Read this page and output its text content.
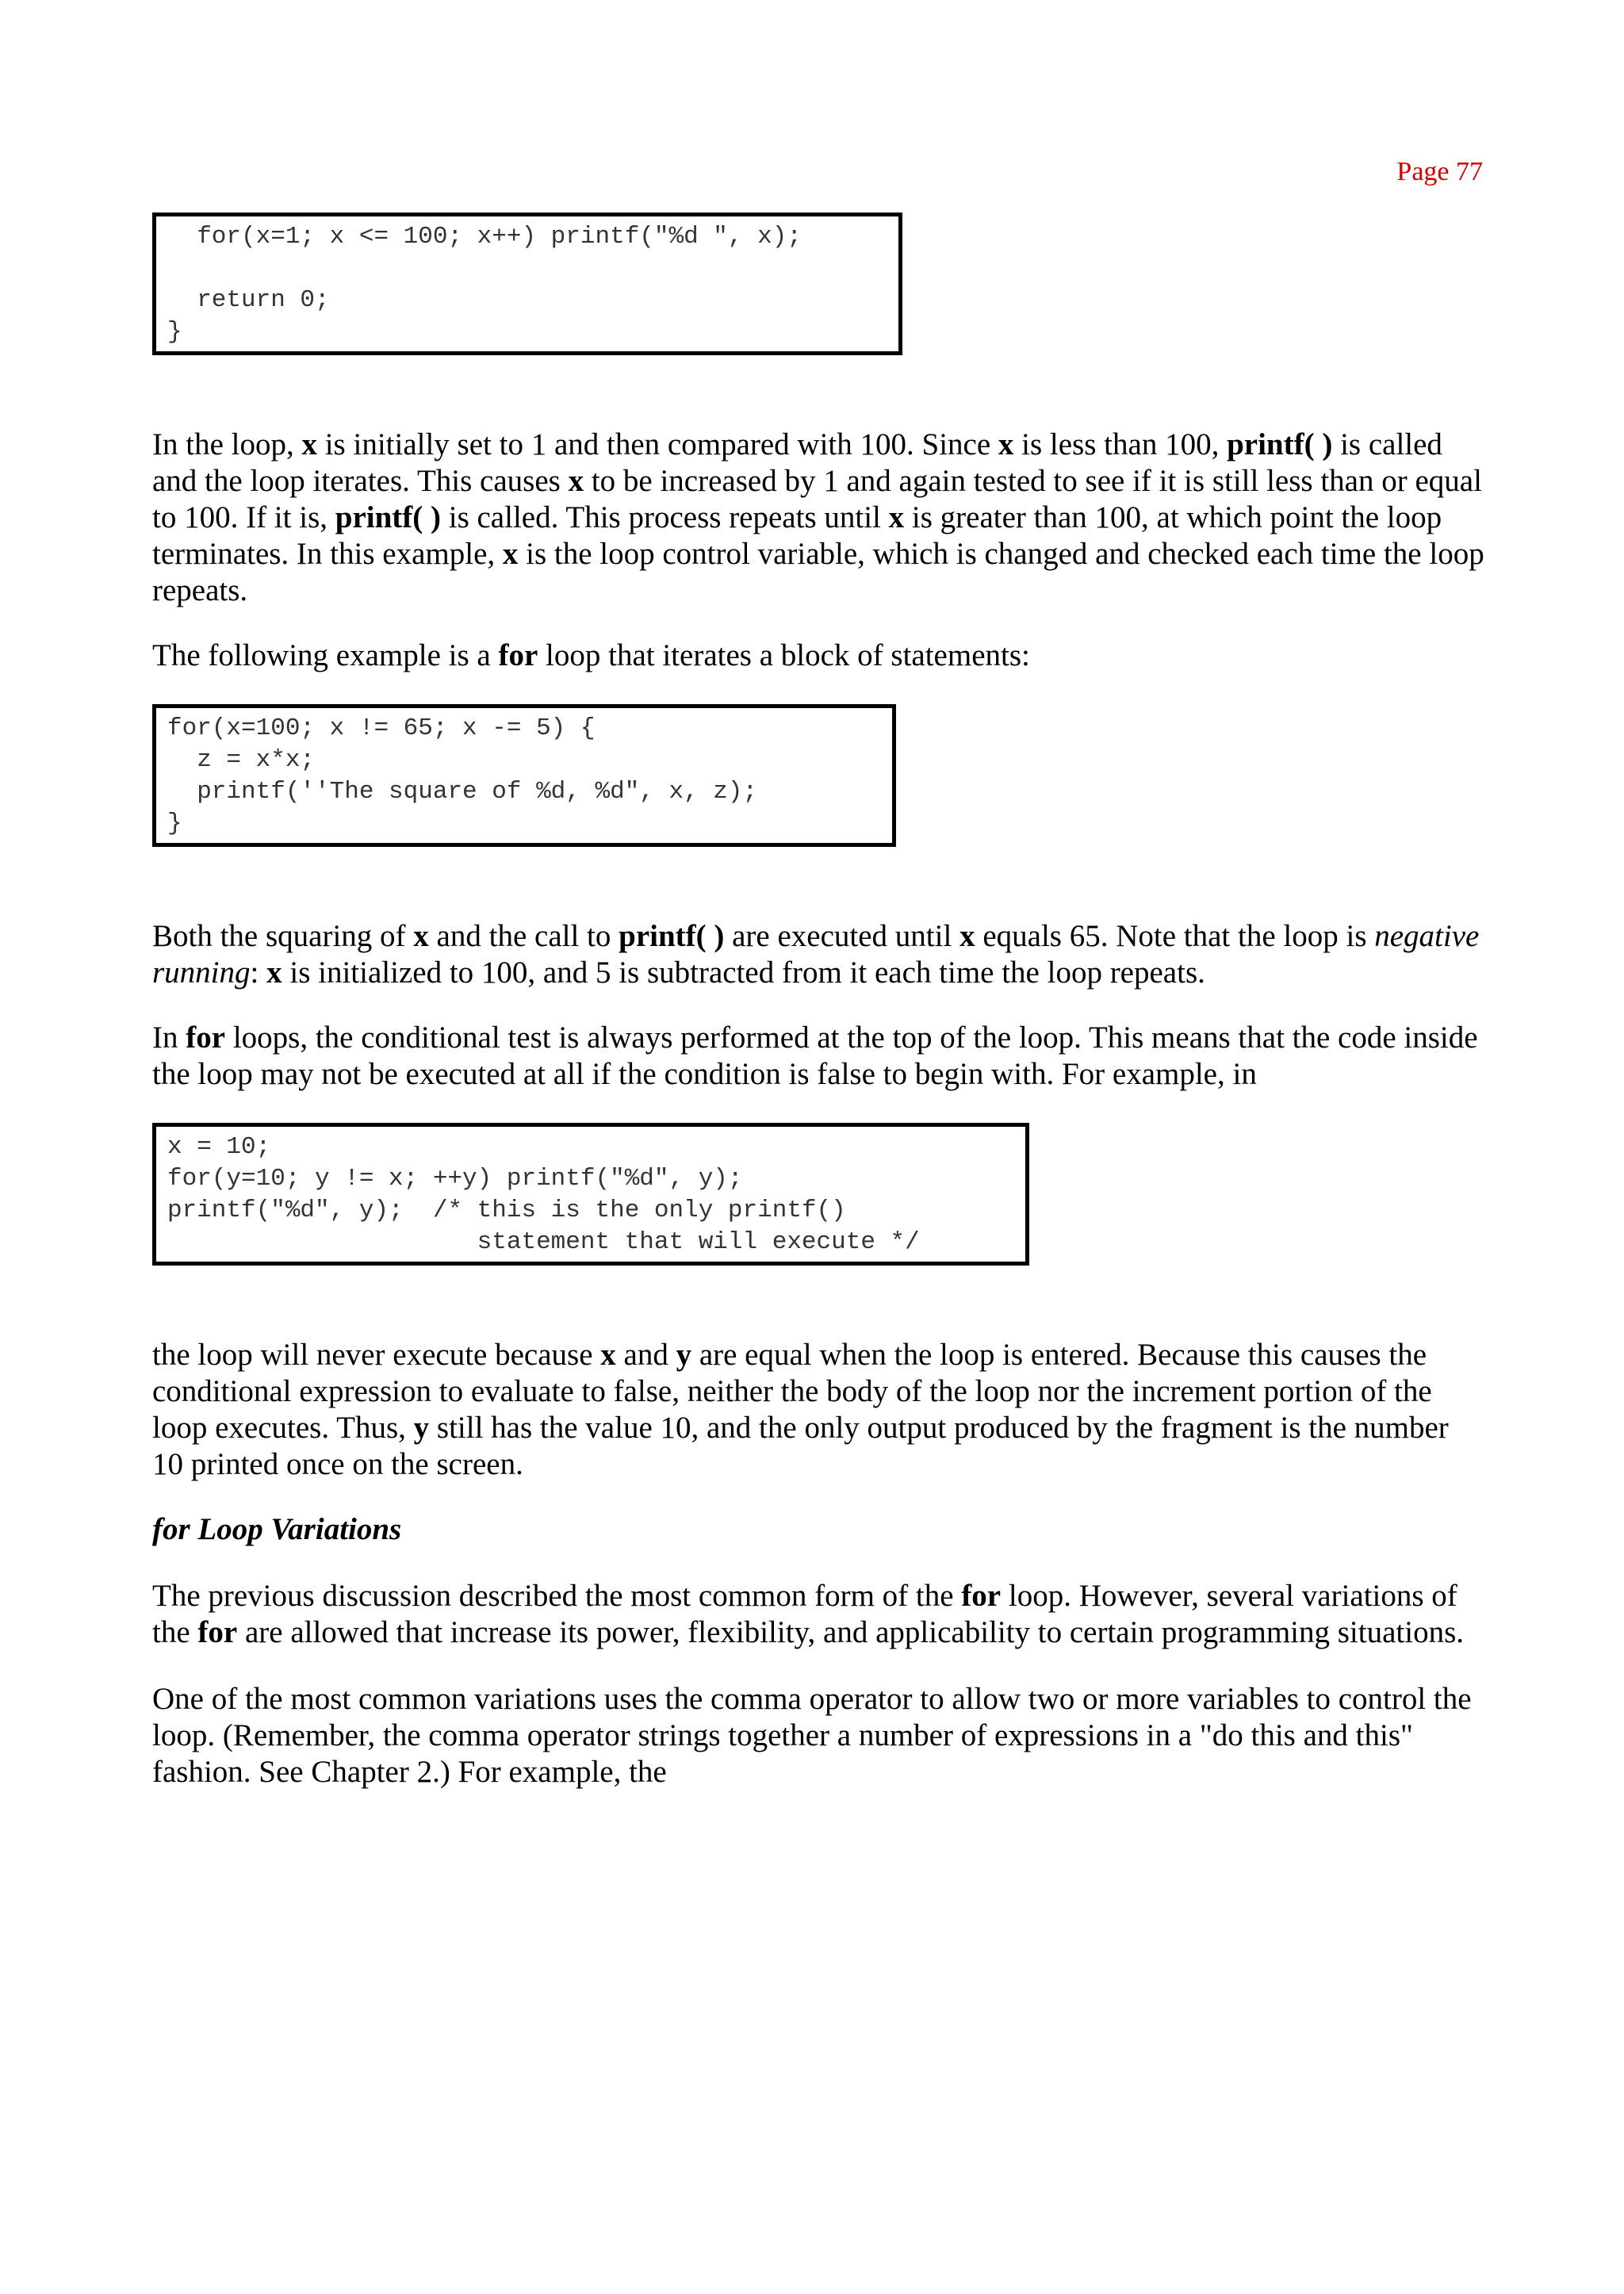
Page 77

for(x=1; x <= 100; x++) printf("%d ", x);
return 0;
}

In the loop, x is initially set to 1 and then compared with 100. Since x is less than 100, printf( ) is called and the loop iterates. This causes x to be increased by 1 and again tested to see if it is still less than or equal to 100. If it is, printf( ) is called. This process repeats until x is greater than 100, at which point the loop terminates. In this example, x is the loop control variable, which is changed and checked each time the loop repeats.

The following example is a for loop that iterates a block of statements:

for(x=100; x != 65; x -= 5) {
z = x*x;
printf(''The square of %d, %d", x, z);
}

Both the squaring of x and the call to printf( ) are executed until x equals 65. Note that the loop is negative running: x is initialized to 100, and 5 is subtracted from it each time the loop repeats.

In for loops, the conditional test is always performed at the top of the loop. This means that the code inside the loop may not be executed at all if the condition is false to begin with. For example, in

x = 10;
for(y=10; y != x; ++y) printf("%d", y);
printf("%d", y);  /* this is the only printf()
statement that will execute */

the loop will never execute because x and y are equal when the loop is entered. Because this causes the conditional expression to evaluate to false, neither the body of the loop nor the increment portion of the loop executes. Thus, y still has the value 10, and the only output produced by the fragment is the number 10 printed once on the screen.

for Loop Variations

The previous discussion described the most common form of the for loop. However, several variations of the for are allowed that increase its power, flexibility, and applicability to certain programming situations.

One of the most common variations uses the comma operator to allow two or more variables to control the loop. (Remember, the comma operator strings together a number of expressions in a "do this and this" fashion. See Chapter 2.) For example, the
